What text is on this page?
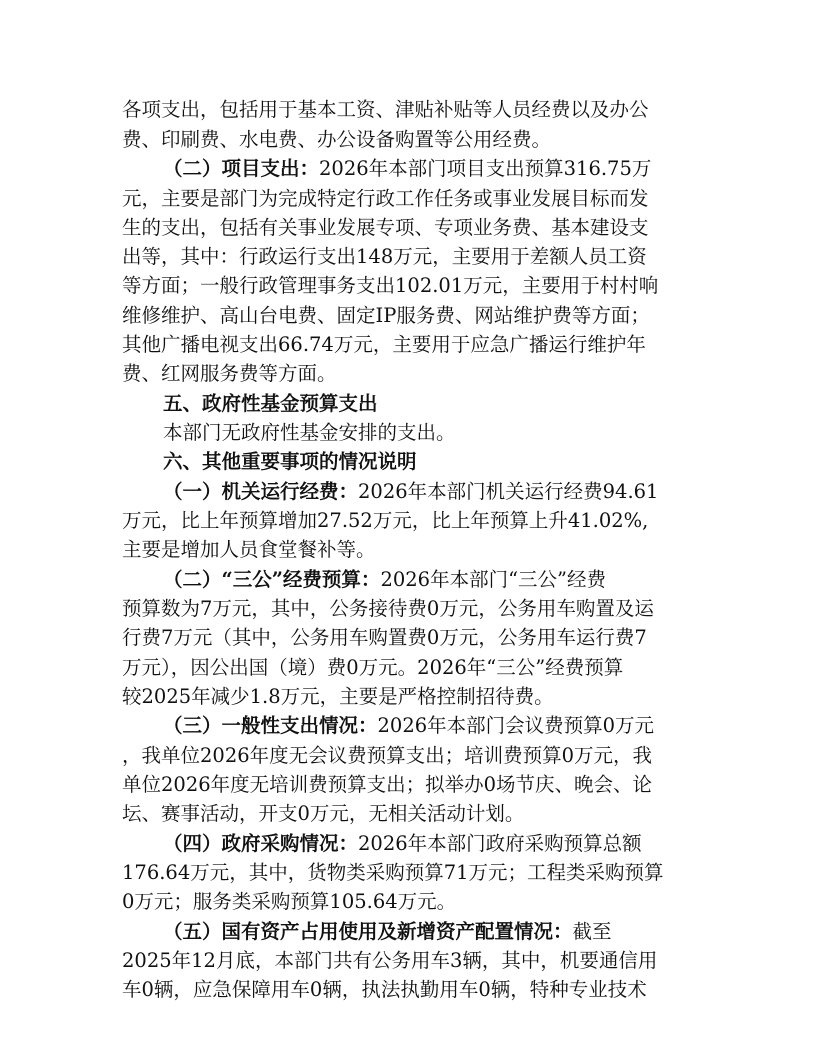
各项支出，包括用于基本工资、津贴补贴等人员经费以及办公

费、印刷费、水电费、办公设备购置等公用经费。

（二）项目支出：2026年本部门项目支出预算316.75万

元，主要是部门为完成特定行政工作任务或事业发展目标而发

生的支出，包括有关事业发展专项、专项业务费、基本建设支

出等，其中：行政运行支出148万元，主要用于差额人员工资

等方面；一般行政管理事务支出102.01万元，主要用于村村响

维修维护、高山台电费、固定IP服务费、网站维护费等方面；

其他广播电视支出66.74万元，主要用于应急广播运行维护年

费、红网服务费等方面。

五、政府性基金预算支出

本部门无政府性基金安排的支出。

六、其他重要事项的情况说明

（一）机关运行经费：2026年本部门机关运行经费94.61

万元，比上年预算增加27.52万元，比上年预算上升41.02%,

主要是增加人员食堂餐补等。

（二）“三公”经费预算：2026年本部门“三公”经费

预算数为7万元，其中，公务接待费0万元，公务用车购置及运

行费7万元（其中，公务用车购置费0万元，公务用车运行费7

万元），因公出国（境）费0万元。2026年“三公”经费预算

较2025年减少1.8万元，主要是严格控制招待费。

（三）一般性支出情况：2026年本部门会议费预算0万元

，我单位2026年度无会议费预算支出；培训费预算0万元，我

单位2026年度无培训费预算支出；拟举办0场节庆、晚会、论

坛、赛事活动，开支0万元，无相关活动计划。

（四）政府采购情况：2026年本部门政府采购预算总额

176.64万元，其中，货物类采购预算71万元；工程类采购预算

0万元；服务类采购预算105.64万元。

（五）国有资产占用使用及新增资产配置情况：截至

2025年12月底，本部门共有公务用车3辆，其中，机要通信用

车0辆，应急保障用车0辆，执法执勤用车0辆，特种专业技术
